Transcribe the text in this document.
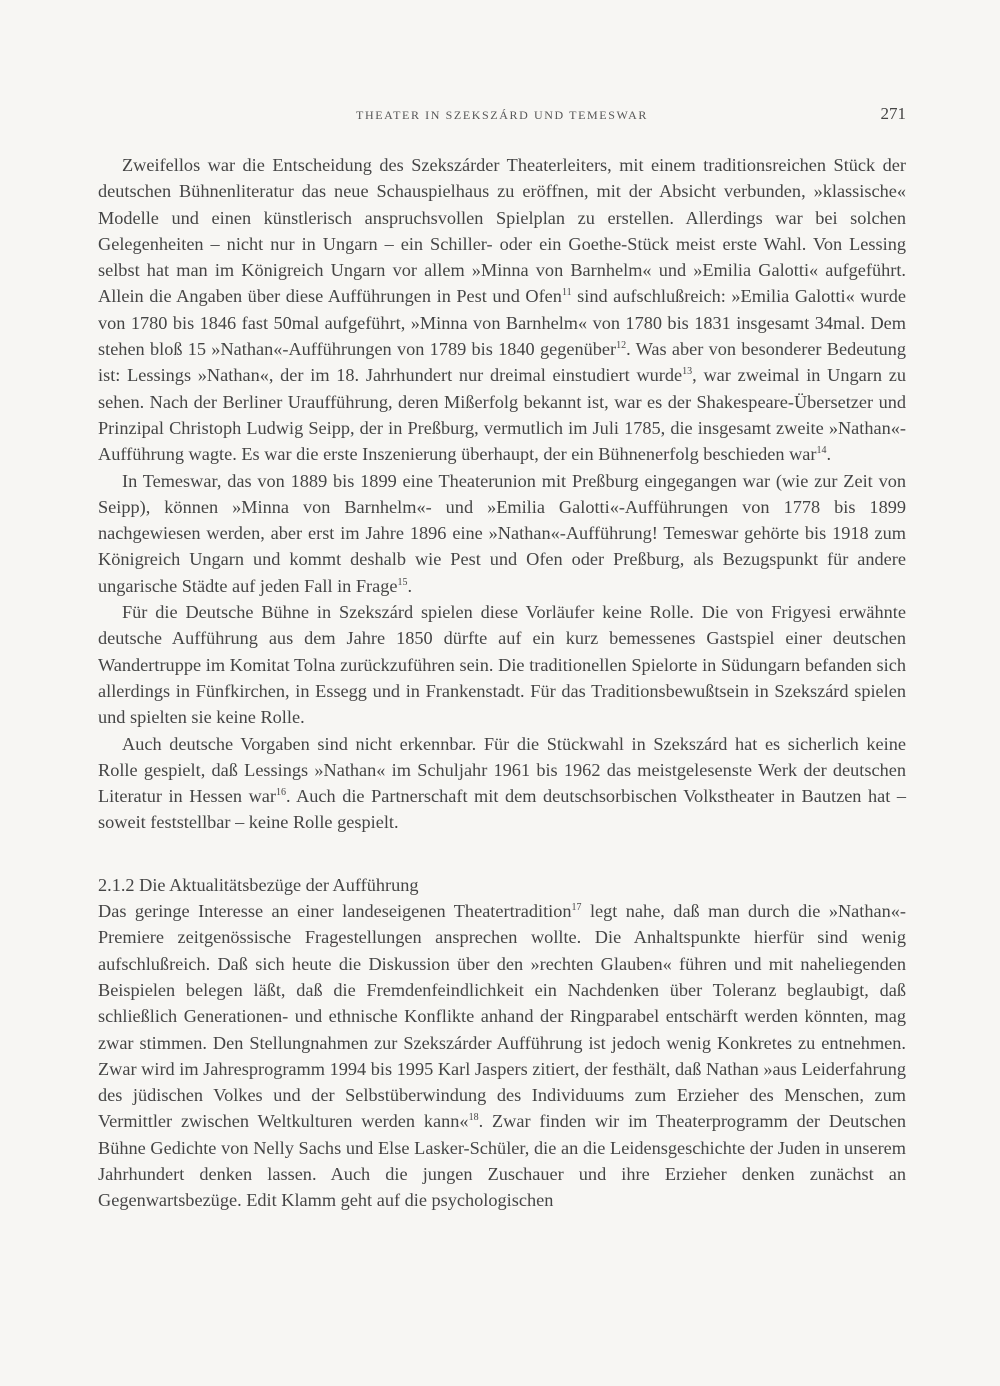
THEATER IN SZEKSZÁRD UND TEMESWAR	271

Zweifellos war die Entscheidung des Szekszárder Theaterleiters, mit einem traditionsreichen Stück der deutschen Bühnenliteratur das neue Schauspielhaus zu eröffnen, mit der Absicht verbunden, »klassische« Modelle und einen künstlerisch anspruchsvollen Spielplan zu erstellen. Allerdings war bei solchen Gelegenheiten – nicht nur in Ungarn – ein Schiller- oder ein Goethe-Stück meist erste Wahl. Von Lessing selbst hat man im Königreich Ungarn vor allem »Minna von Barnhelm« und »Emilia Galotti« aufgeführt. Allein die Angaben über diese Aufführungen in Pest und Ofen$^{11}$ sind aufschlußreich: »Emilia Galotti« wurde von 1780 bis 1846 fast 50mal aufgeführt, »Minna von Barnhelm« von 1780 bis 1831 insgesamt 34mal. Dem stehen bloß 15 »Nathan«-Aufführungen von 1789 bis 1840 gegenüber$^{12}$. Was aber von besonderer Bedeutung ist: Lessings »Nathan«, der im 18. Jahrhundert nur dreimal einstudiert wurde$^{13}$, war zweimal in Ungarn zu sehen. Nach der Berliner Uraufführung, deren Mißerfolg bekannt ist, war es der Shakespeare-Übersetzer und Prinzipal Christoph Ludwig Seipp, der in Preßburg, vermutlich im Juli 1785, die insgesamt zweite »Nathan«-Aufführung wagte. Es war die erste Inszenierung überhaupt, der ein Bühnenerfolg beschieden war$^{14}$.

In Temeswar, das von 1889 bis 1899 eine Theaterunion mit Preßburg eingegangen war (wie zur Zeit von Seipp), können »Minna von Barnhelm«- und »Emilia Galotti«-Aufführungen von 1778 bis 1899 nachgewiesen werden, aber erst im Jahre 1896 eine »Nathan«-Aufführung! Temeswar gehörte bis 1918 zum Königreich Ungarn und kommt deshalb wie Pest und Ofen oder Preßburg, als Bezugspunkt für andere ungarische Städte auf jeden Fall in Frage$^{15}$.

Für die Deutsche Bühne in Szekszárd spielen diese Vorläufer keine Rolle. Die von Frigyesi erwähnte deutsche Aufführung aus dem Jahre 1850 dürfte auf ein kurz bemessenes Gastspiel einer deutschen Wandertruppe im Komitat Tolna zurückzuführen sein. Die traditionellen Spielorte in Südungarn befanden sich allerdings in Fünfkirchen, in Essegg und in Frankenstadt. Für das Traditionsbewußtsein in Szekszárd spielen und spielten sie keine Rolle.

Auch deutsche Vorgaben sind nicht erkennbar. Für die Stückwahl in Szekszárd hat es sicherlich keine Rolle gespielt, daß Lessings »Nathan« im Schuljahr 1961 bis 1962 das meistgelesenste Werk der deutschen Literatur in Hessen war$^{16}$. Auch die Partnerschaft mit dem deutschsorbischen Volkstheater in Bautzen hat – soweit feststellbar – keine Rolle gespielt.

2.1.2 Die Aktualitätsbezüge der Aufführung

Das geringe Interesse an einer landeseigenen Theatertradition$^{17}$ legt nahe, daß man durch die »Nathan«-Premiere zeitgenössische Fragestellungen ansprechen wollte. Die Anhaltspunkte hierfür sind wenig aufschlußreich. Daß sich heute die Diskussion über den »rechten Glauben« führen und mit naheliegenden Beispielen belegen läßt, daß die Fremdenfeindlichkeit ein Nachdenken über Toleranz beglaubigt, daß schließlich Generationen- und ethnische Konflikte anhand der Ringparabel entschärft werden könnten, mag zwar stimmen. Den Stellungnahmen zur Szekszárder Aufführung ist jedoch wenig Konkretes zu entnehmen. Zwar wird im Jahresprogramm 1994 bis 1995 Karl Jaspers zitiert, der festhält, daß Nathan »aus Leiderfahrung des jüdischen Volkes und der Selbstüberwindung des Individuums zum Erzieher des Menschen, zum Vermittler zwischen Weltkulturen werden kann«$^{18}$. Zwar finden wir im Theaterprogramm der Deutschen Bühne Gedichte von Nelly Sachs und Else Lasker-Schüler, die an die Leidensgeschichte der Juden in unserem Jahrhundert denken lassen. Auch die jungen Zuschauer und ihre Erzieher denken zunächst an Gegenwartsbezüge. Edit Klamm geht auf die psychologischen
